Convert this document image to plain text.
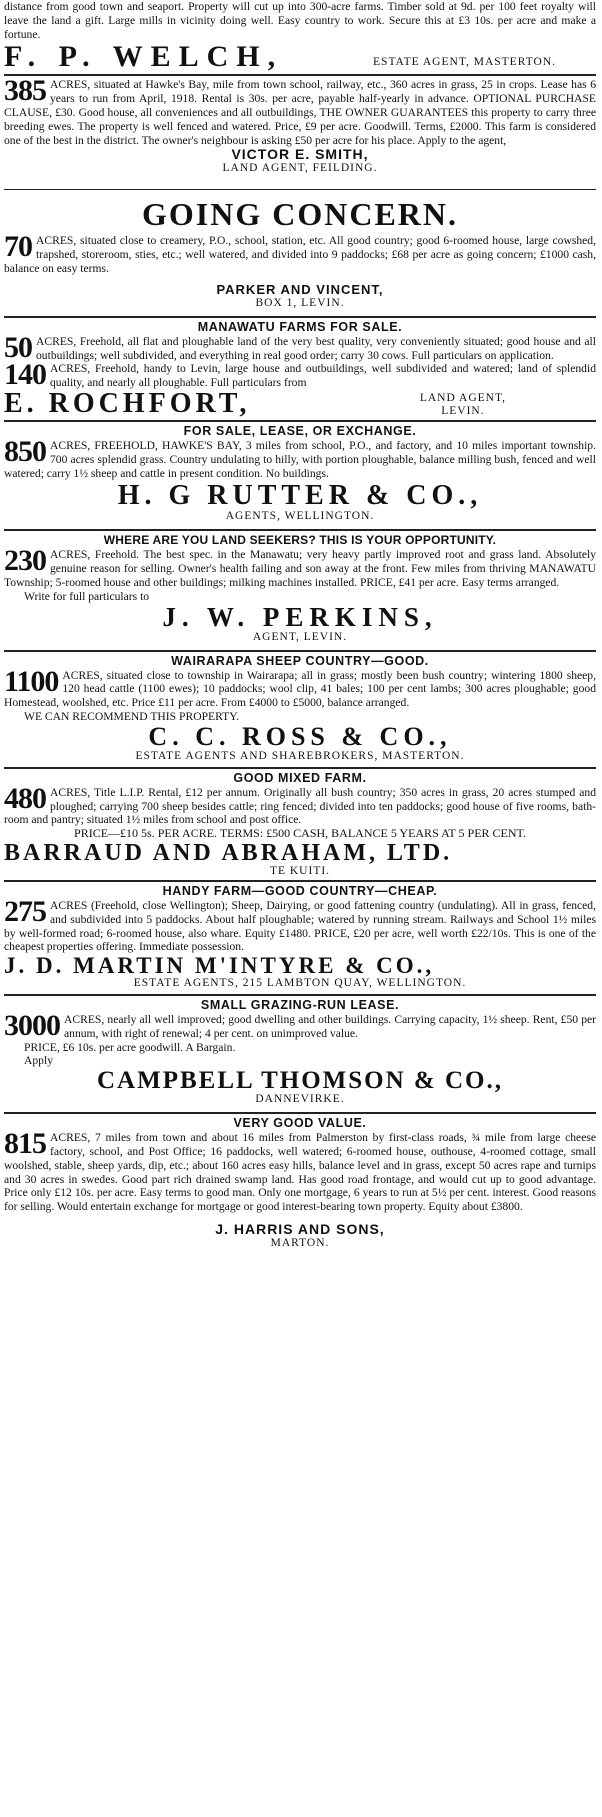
distance from good town and seaport. Property will cut up into 300-acre farms. Timber sold at 9d. per 100 feet royalty will leave the land a gift. Large mills in vicinity doing well. Easy country to work. Secure this at £3 10s. per acre and make a fortune.

F. P. WELCH,	ESTATE AGENT, MASTERTON.

385 ACRES, situated at Hawke's Bay, mile from town school, railway, etc., 360 acres in grass, 25 in crops. Lease has 6 years to run from April, 1918. Rental is 30s. per acre, payable half-yearly in advance. OPTIONAL PURCHASE CLAUSE, £30. Good house, all conveniences and all outbuildings, THE OWNER GUARANTEES this property to carry three breeding ewes. The property is well fenced and watered. Price, £9 per acre. Goodwill. Terms, £2000. This farm is considered one of the best in the district. The owner's neighbour is asking £50 per acre for his place. Apply to the agent,

VICTOR E. SMITH,
LAND AGENT, FEILDING.
GOING CONCERN.

70 ACRES, situated close to creamery, P.O., school, station, etc. All good country; good 6-roomed house, large cowshed, trapshed, storeroom, sties, etc.; well watered, and divided into 9 paddocks; £68 per acre as going concern; £1000 cash, balance on easy terms.

PARKER AND VINCENT,
BOX 1, LEVIN.
MANAWATU FARMS FOR SALE.

50 ACRES, Freehold, all flat and ploughable land of the very best quality, very conveniently situated; good house and all outbuildings; well subdivided, and everything in real good order; carry 30 cows. Full particulars on application.

140 ACRES, Freehold, handy to Levin, large house and outbuildings, well subdivided and watered; land of splendid quality, and nearly all ploughable. Full particulars from

E. ROCHFORT,	LAND AGENT,
LEVIN.
FOR SALE, LEASE, OR EXCHANGE.

850 ACRES, FREEHOLD, HAWKE'S BAY, 3 miles from school, P.O., and factory, and 10 miles important township. 700 acres splendid grass. Country undulating to hilly, with portion ploughable, balance milling bush, fenced and well watered; carry 1½ sheep and cattle in present condition. No buildings.

H. G RUTTER & CO.,
AGENTS, WELLINGTON.
WHERE ARE YOU LAND SEEKERS? THIS IS YOUR OPPORTUNITY.

230 ACRES, Freehold. The best spec. in the Manawatu; very heavy partly improved root and grass land. Absolutely genuine reason for selling. Owner's health failing and son away at the front. Few miles from thriving MANAWATU Township; 5-roomed house and other buildings; milking machines installed. PRICE, £41 per acre. Easy terms arranged.

Write for full particulars to
J. W. PERKINS,
AGENT, LEVIN.
WAIRARAPA SHEEP COUNTRY—GOOD.

1100 ACRES, situated close to township in Wairarapa; all in grass; mostly been bush country; wintering 1800 sheep, 120 head cattle (1100 ewes); 10 paddocks; wool clip, 41 bales; 100 per cent lambs; 300 acres ploughable; good Homestead, woolshed, etc. Price £11 per acre. From £4000 to £5000, balance arranged.

WE CAN RECOMMEND THIS PROPERTY.
C. C. ROSS & CO.,
ESTATE AGENTS AND SHAREBROKERS, MASTERTON.
GOOD MIXED FARM.

480 ACRES, Title L.I.P. Rental, £12 per annum. Originally all bush country; 350 acres in grass, 20 acres stumped and ploughed; carrying 700 sheep besides cattle; ring fenced; divided into ten paddocks; good house of five rooms, bath-room and pantry; situated 1½ miles from school and post office.

PRICE—£10 5s. PER ACRE. TERMS: £500 CASH, BALANCE 5 YEARS AT 5 PER CENT.
BARRAUD AND ABRAHAM, LTD.
TE KUITI.
HANDY FARM—GOOD COUNTRY—CHEAP.

275 ACRES (Freehold, close Wellington); Sheep, Dairying, or good fattening country (undulating). All in grass, fenced, and subdivided into 5 paddocks. About half ploughable; watered by running stream. Railways and School 1½ miles by well-formed road; 6-roomed house, also whare. Equity £1480. PRICE, £20 per acre, well worth £22/10s. This is one of the cheapest properties offering. Immediate possession.

J. D. MARTIN M'INTYRE & CO.,
ESTATE AGENTS, 215 LAMBTON QUAY, WELLINGTON.
SMALL GRAZING-RUN LEASE.

3000 ACRES, nearly all well improved; good dwelling and other buildings. Carrying capacity, 1½ sheep. Rent, £50 per annum, with right of renewal; 4 per cent. on unimproved value.

PRICE, £6 10s. per acre goodwill. A Bargain.
Apply
CAMPBELL THOMSON & CO.,
DANNEVIRKE.
VERY GOOD VALUE.

815 ACRES, 7 miles from town and about 16 miles from Palmerston by first-class roads, ¾ mile from large cheese factory, school, and Post Office; 16 paddocks, well watered; 6-roomed house, outhouse, 4-roomed cottage, small woolshed, stable, sheep yards, dip, etc.; about 160 acres easy hills, balance level and in grass, except 50 acres rape and turnips and 30 acres in swedes. Good part rich drained swamp land. Has good road frontage, and would cut up to good advantage. Price only £12 10s. per acre. Easy terms to good man. Only one mortgage, 6 years to run at 5½ per cent. interest. Good reasons for selling. Would entertain exchange for mortgage or good interest-bearing town property. Equity about £3800.

J. HARRIS AND SONS,
MARTON.
